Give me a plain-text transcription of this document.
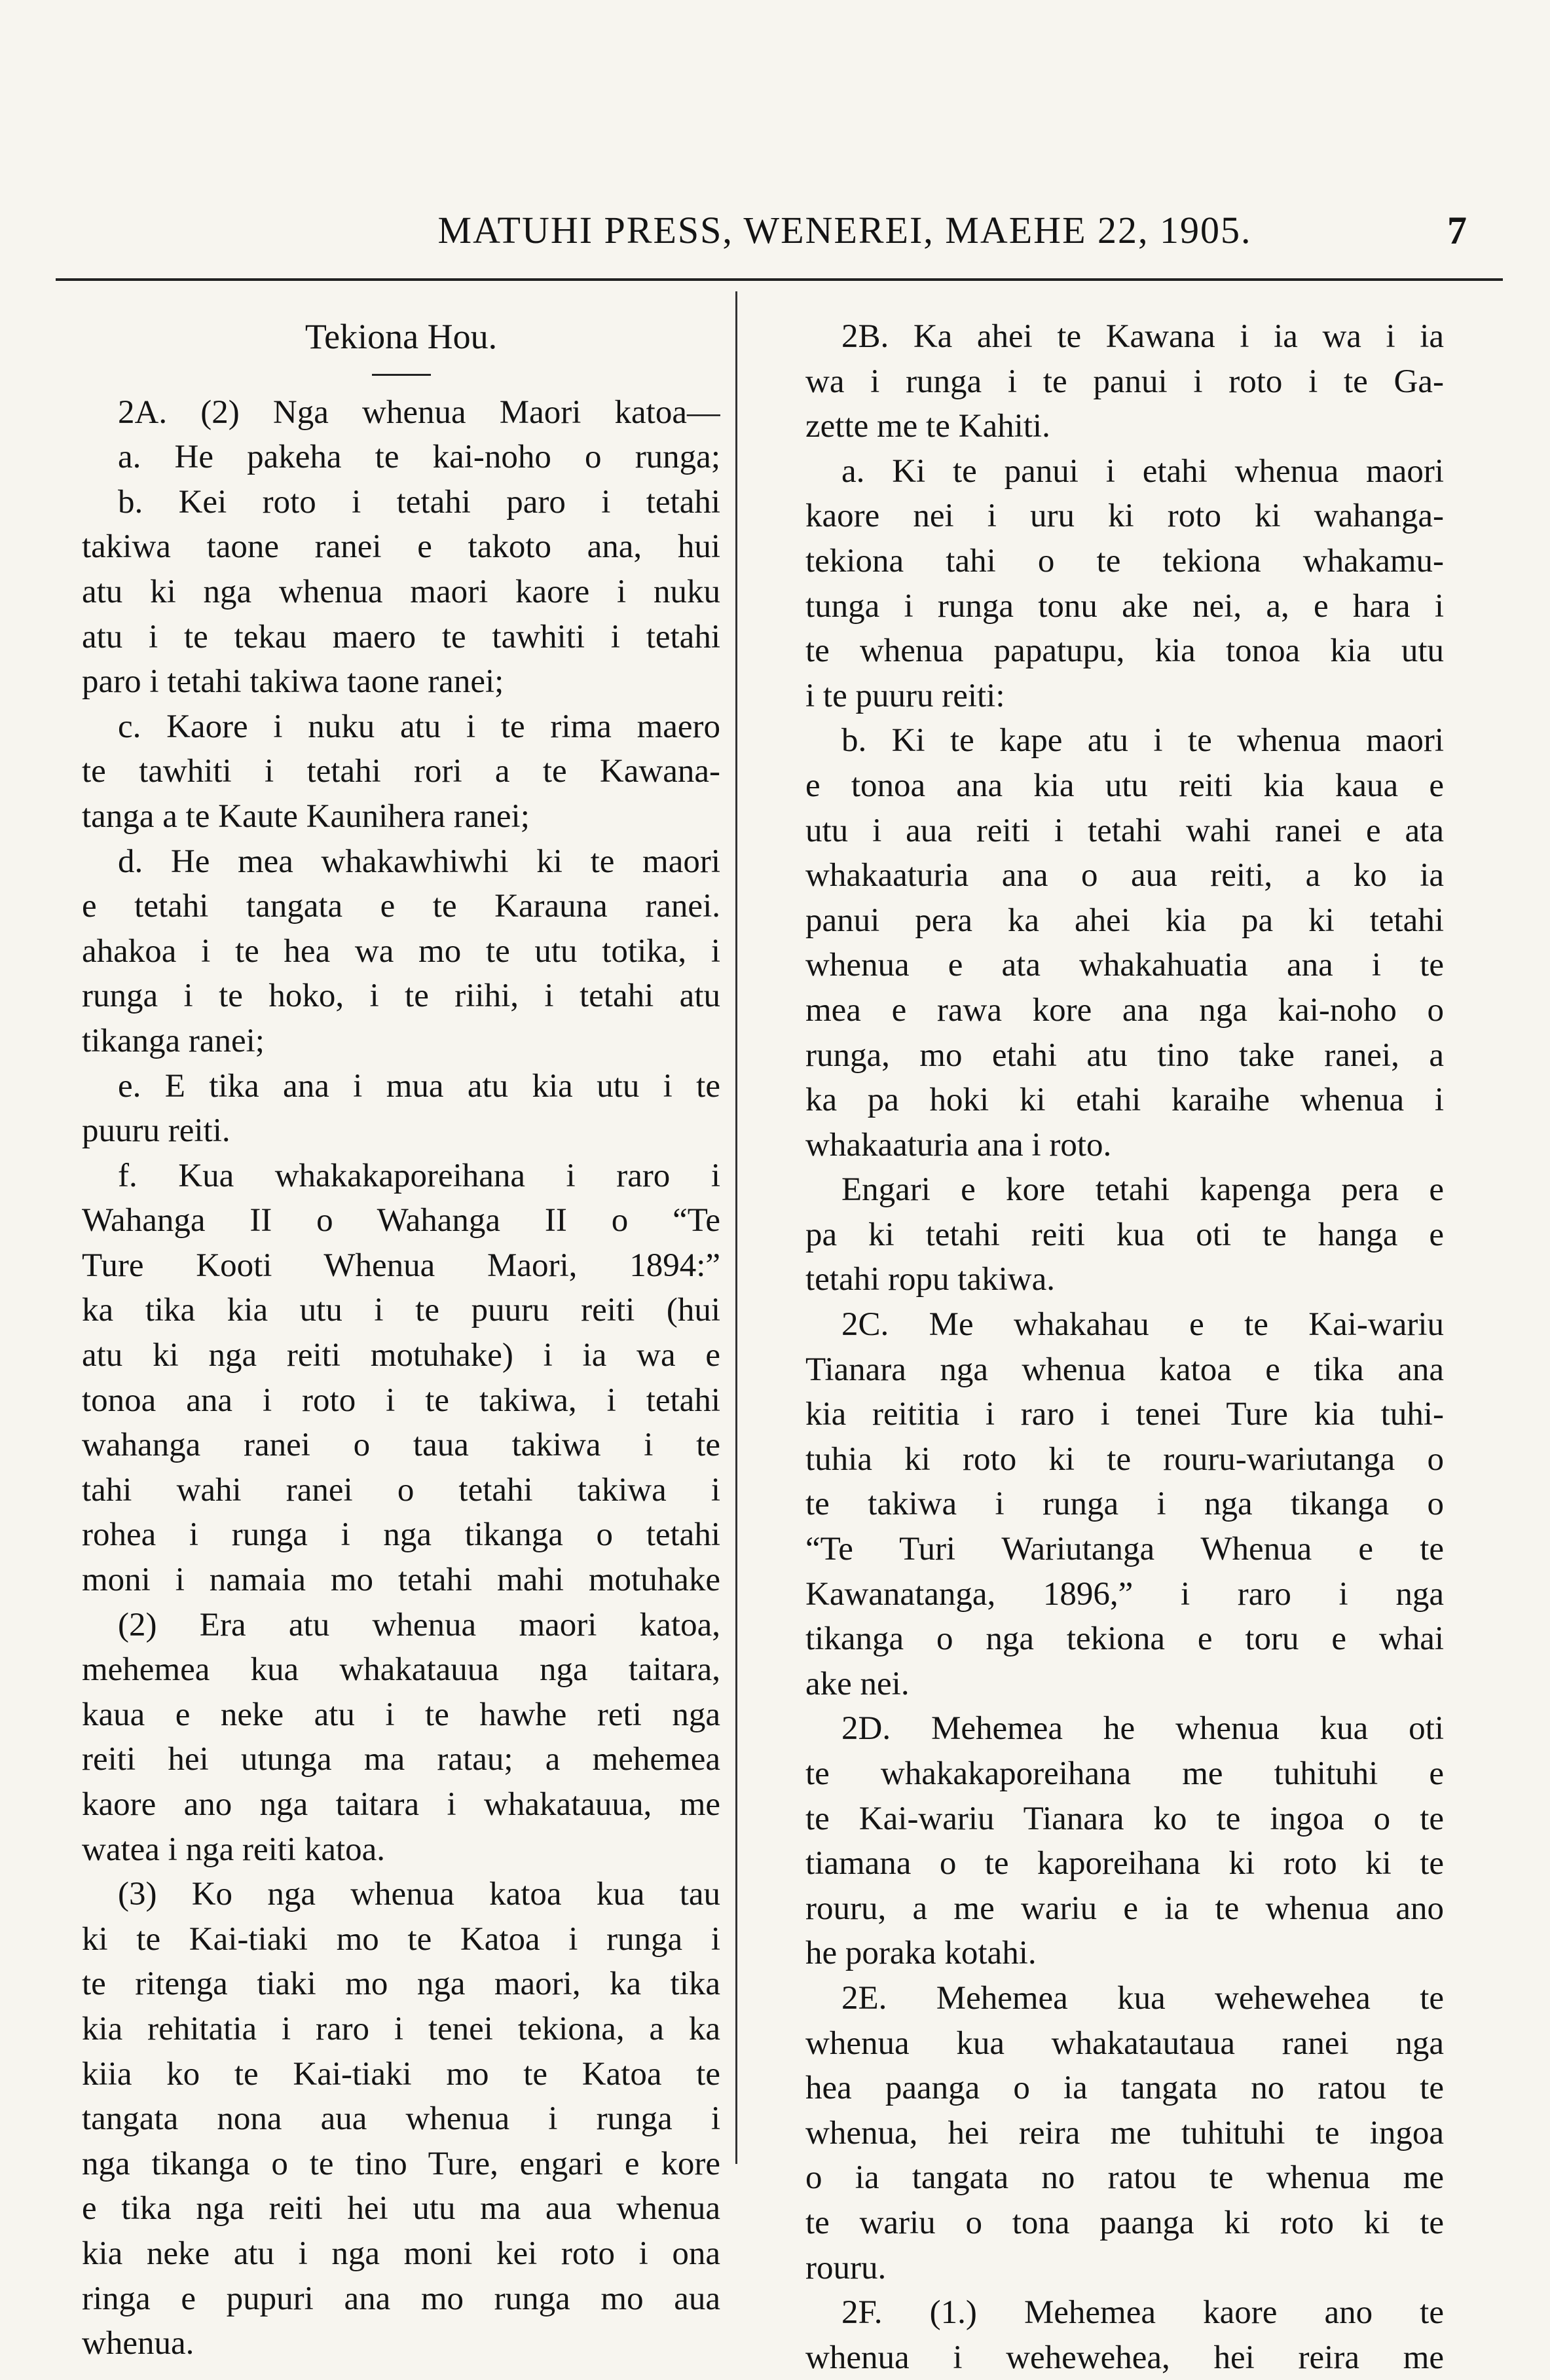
MATUHI PRESS, WENEREI, MAEHE 22, 1905.	7
Tekiona Hou.
2A. (2) Nga whenua Maori katoa—
a. He pakeha te kai-noho o runga;
b. Kei roto i tetahi paro i tetahi
takiwa taone ranei e takoto ana, hui
atu ki nga whenua maori kaore i nuku
atu i te tekau maero te tawhiti i tetahi
paro i tetahi takiwa taone ranei;
c. Kaore i nuku atu i te rima maero
te tawhiti i tetahi rori a te Kawana-
tanga a te Kaute Kaunihera ranei;
d. He mea whakawhiwhi ki te maori
e tetahi tangata e te Karauna ranei.
ahakoa i te hea wa mo te utu totika, i
runga i te hoko, i te riihi, i tetahi atu
tikanga ranei;
e. E tika ana i mua atu kia utu i te
puuru reiti.
f. Kua whakakaporeihana i raro i
Wahanga II o Wahanga II o “Te
Ture Kooti Whenua Maori, 1894:”
ka tika kia utu i te puuru reiti (hui
atu ki nga reiti motuhake) i ia wa e
tonoa ana i roto i te takiwa, i tetahi
wahanga ranei o taua takiwa i te
tahi wahi ranei o tetahi takiwa i
rohea i runga i nga tikanga o tetahi
moni i namaia mo tetahi mahi motuhake
(2) Era atu whenua maori katoa,
mehemea kua whakatauua nga taitara,
kaua e neke atu i te hawhe reti nga
reiti hei utunga ma ratau; a mehemea
kaore ano nga taitara i whakatauua, me
watea i nga reiti katoa.
(3) Ko nga whenua katoa kua tau
ki te Kai-tiaki mo te Katoa i runga i
te ritenga tiaki mo nga maori, ka tika
kia rehitatia i raro i tenei tekiona, a ka
kiia ko te Kai-tiaki mo te Katoa te
tangata nona aua whenua i runga i
nga tikanga o te tino Ture, engari e kore
e tika nga reiti hei utu ma aua whenua
kia neke atu i nga moni kei roto i ona
ringa e pupuri ana mo runga mo aua
whenua.
2B. Ka ahei te Kawana i ia wa i ia
wa i runga i te panui i roto i te Ga-
zette me te Kahiti.
a. Ki te panui i etahi whenua maori
kaore nei i uru ki roto ki wahanga-
tekiona tahi o te tekiona whakamu-
tunga i runga tonu ake nei, a, e hara i
te whenua papatupu, kia tonoa kia utu
i te puuru reiti:
b. Ki te kape atu i te whenua maori
e tonoa ana kia utu reiti kia kaua e
utu i aua reiti i tetahi wahi ranei e ata
whakaaturia ana o aua reiti, a ko ia
panui pera ka ahei kia pa ki tetahi
whenua e ata whakahuatia ana i te
mea e rawa kore ana nga kai-noho o
runga, mo etahi atu tino take ranei, a
ka pa hoki ki etahi karaihe whenua i
whakaaturia ana i roto.
Engari e kore tetahi kapenga pera e
pa ki tetahi reiti kua oti te hanga e
tetahi ropu takiwa.
2C. Me whakahau e te Kai-wariu
Tianara nga whenua katoa e tika ana
kia reititia i raro i tenei Ture kia tuhi-
tuhia ki roto ki te rouru-wariutanga o
te takiwa i runga i nga tikanga o
“Te Turi Wariutanga Whenua e te
Kawanatanga, 1896,” i raro i nga
tikanga o nga tekiona e toru e whai
ake nei.
2D. Mehemea he whenua kua oti
te whakakaporeihana me tuhituhi e
te Kai-wariu Tianara ko te ingoa o te
tiamana o te kaporeihana ki roto ki te
rouru, a me wariu e ia te whenua ano
he poraka kotahi.
2E. Mehemea kua wehewehea te
whenua kua whakatautaua ranei nga
hea paanga o ia tangata no ratou te
whenua, hei reira me tuhituhi te ingoa
o ia tangata no ratou te whenua me
te wariu o tona paanga ki roto ki te
rouru.
2F. (1.) Mehemea kaore ano te
whenua i wehewehea, hei reira me
